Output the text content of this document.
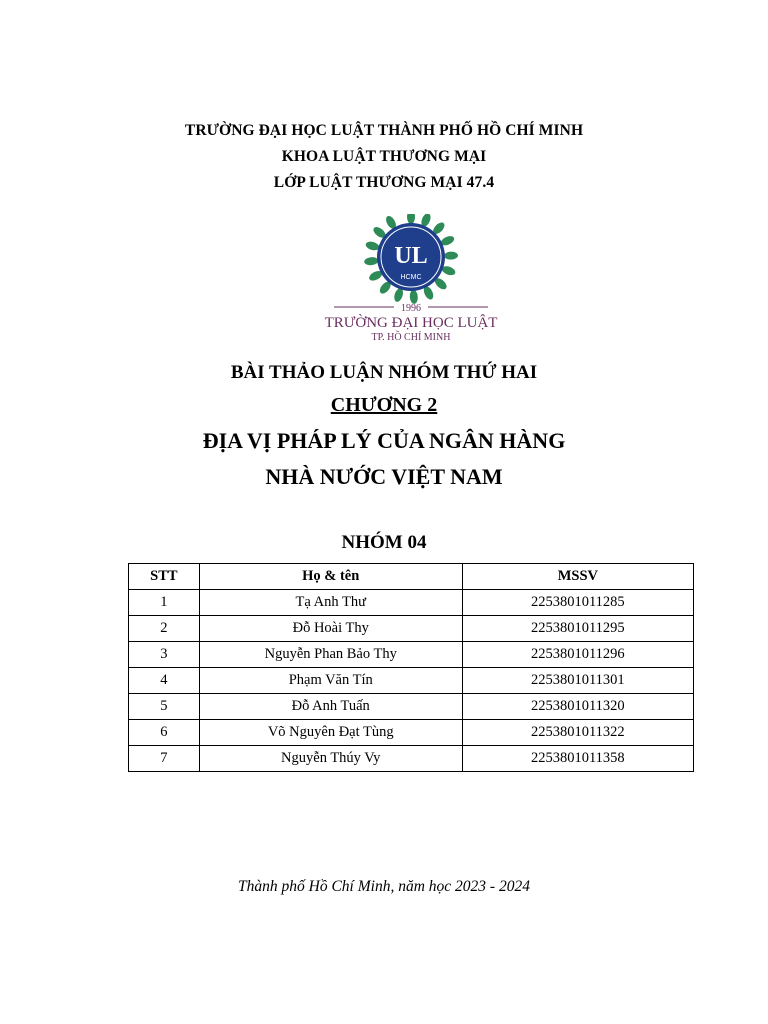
TRƯỜNG ĐẠI HỌC LUẬT THÀNH PHỐ HỒ CHÍ MINH
KHOA LUẬT THƯƠNG MẠI
LỚP LUẬT THƯƠNG MẠI 47.4
UL
HCMC
1996
TRƯỜNG ĐẠI HỌC LUẬT
TP. HỒ CHÍ MINH
BÀI THẢO LUẬN NHÓM THỨ HAI
CHƯƠNG 2
ĐỊA VỊ PHÁP LÝ CỦA NGÂN HÀNG
NHÀ NƯỚC VIỆT NAM
NHÓM 04
STT	Họ & tên	MSSV
1	Tạ Anh Thư	2253801011285
2	Đỗ Hoài Thy	2253801011295
3	Nguyễn Phan Bảo Thy	2253801011296
4	Phạm Văn Tín	2253801011301
5	Đỗ Anh Tuấn	2253801011320
6	Võ Nguyên Đạt Tùng	2253801011322
7	Nguyễn Thúy Vy	2253801011358
Thành phố Hồ Chí Minh, năm học 2023 - 2024
